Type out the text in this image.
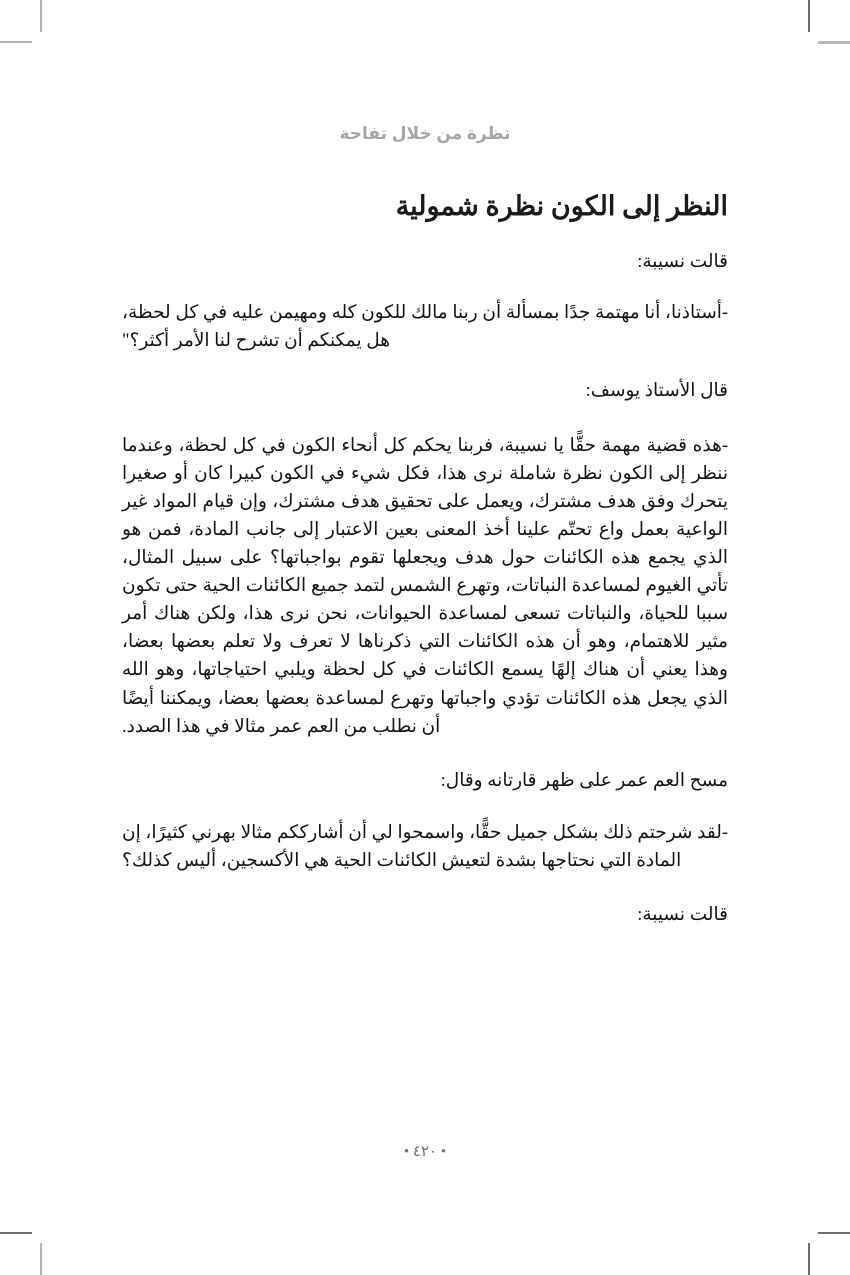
نظرة من خلال تفاحة
النظر إلى الكون نظرة شمولية

قالت نسيبة:

-أستاذنا، أنا مهتمة جدًا بمسألة أن ربنا مالك للكون كله ومهيمن عليه في كل لحظة، هل يمكنكم أن تشرح لنا الأمر أكثر؟"

قال الأستاذ يوسف:

-هذه قضية مهمة حقًّا يا نسيبة، فربنا يحكم كل أنحاء الكون في كل لحظة، وعندما ننظر إلى الكون نظرة شاملة نرى هذا، فكل شيء في الكون كبيرا كان أو صغيرا يتحرك وفق هدف مشترك، ويعمل على تحقيق هدف مشترك، وإن قيام المواد غير الواعية بعمل واع تحتّم علينا أخذ المعنى بعين الاعتبار إلى جانب المادة، فمن هو الذي يجمع هذه الكائنات حول هدف ويجعلها تقوم بواجباتها؟ على سبيل المثال، تأتي الغيوم لمساعدة النباتات، وتهرع الشمس لتمد جميع الكائنات الحية حتى تكون سببا للحياة، والنباتات تسعى لمساعدة الحيوانات، نحن نرى هذا، ولكن هناك أمر مثير للاهتمام، وهو أن هذه الكائنات التي ذكرناها لا تعرف ولا تعلم بعضها بعضا، وهذا يعني أن هناك إلهًا يسمع الكائنات في كل لحظة ويلبي احتياجاتها، وهو الله الذي يجعل هذه الكائنات تؤدي واجباتها وتهرع لمساعدة بعضها بعضا، ويمكننا أيضًا أن نطلب من العم عمر مثالا في هذا الصدد.

مسح العم عمر على ظهر قارتانه وقال:

-لقد شرحتم ذلك بشكل جميل حقًّا، واسمحوا لي أن أشارككم مثالا بهرني كثيرًا، إن المادة التي نحتاجها بشدة لتعيش الكائنات الحية هي الأكسجين، أليس كذلك؟

قالت نسيبة:

• ٤٢٠ •
